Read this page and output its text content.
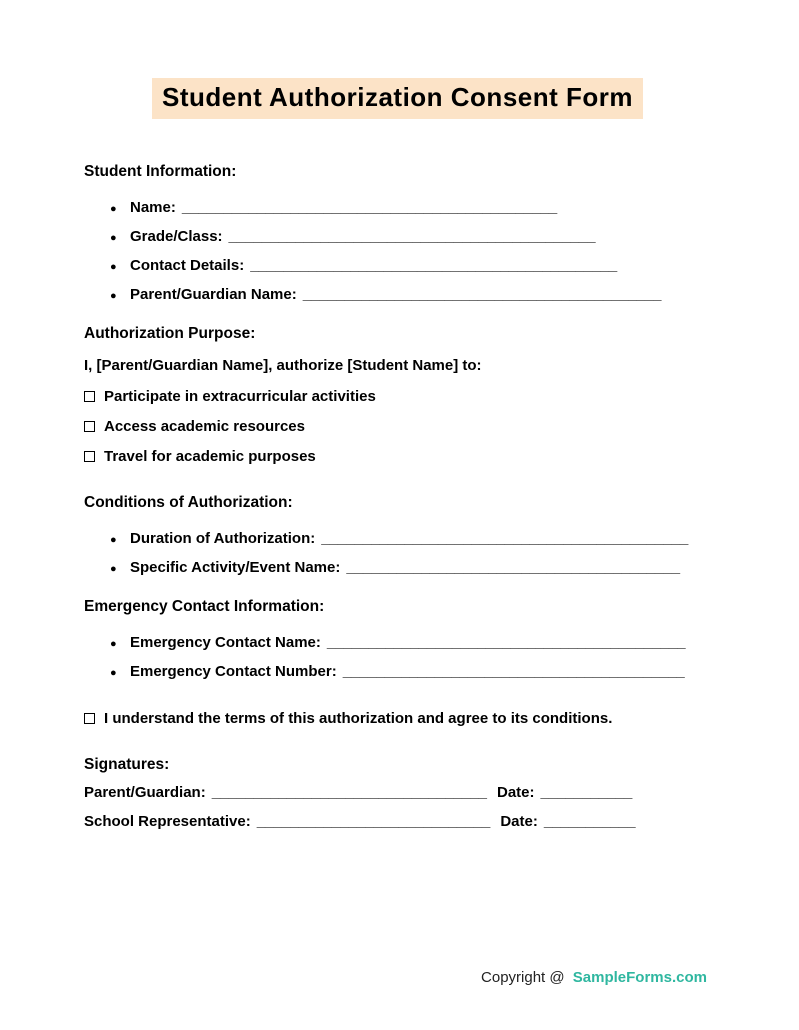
Student Authorization Consent Form
Student Information:
● Name: _____________________________________________
● Grade/Class: ____________________________________________
● Contact Details: ____________________________________________
● Parent/Guardian Name: ___________________________________________
Authorization Purpose:
I, [Parent/Guardian Name], authorize [Student Name] to:
Participate in extracurricular activities
Access academic resources
Travel for academic purposes
Conditions of Authorization:
● Duration of Authorization: ____________________________________________
● Specific Activity/Event Name: ________________________________________
Emergency Contact Information:
● Emergency Contact Name: ___________________________________________
● Emergency Contact Number: _________________________________________
I understand the terms of this authorization and agree to its conditions.
Signatures:
Parent/Guardian: _________________________________ Date: ___________
School Representative: ____________________________ Date: ___________
Copyright @ SampleForms.com
